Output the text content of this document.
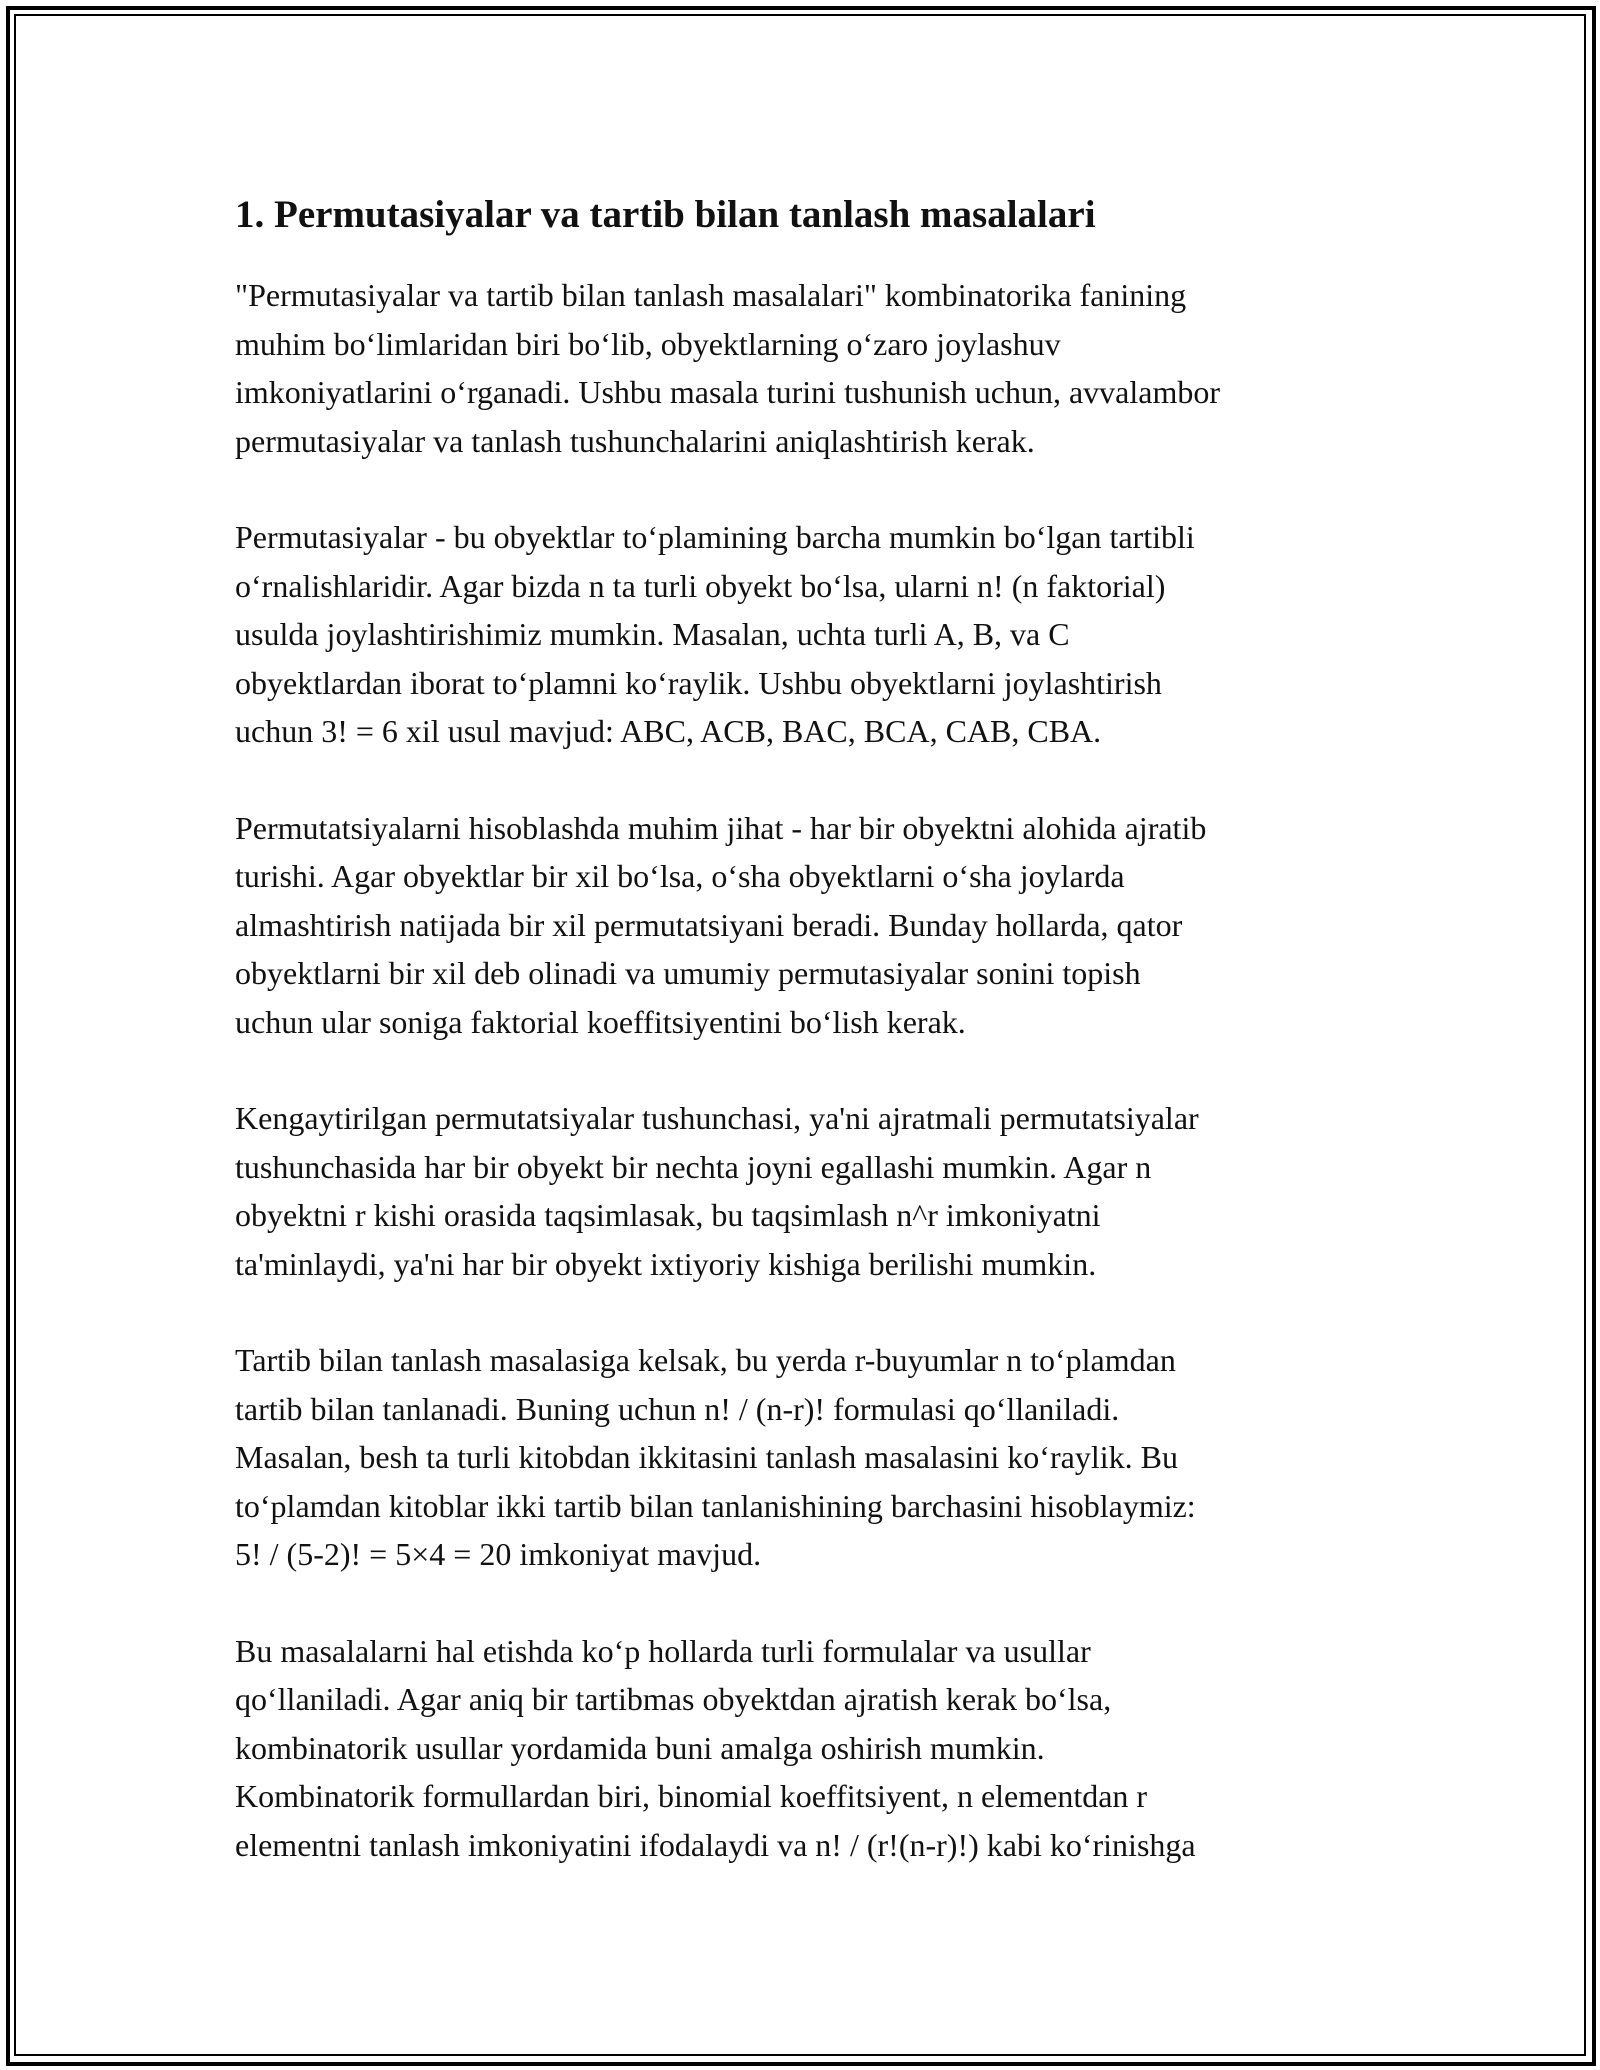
1. Permutasiyalar va tartib bilan tanlash masalalari

"Permutasiyalar va tartib bilan tanlash masalalari" kombinatorika fanining
muhim bo‘limlaridan biri bo‘lib, obyektlarning o‘zaro joylashuv
imkoniyatlarini o‘rganadi. Ushbu masala turini tushunish uchun, avvalambor
permutasiyalar va tanlash tushunchalarini aniqlashtirish kerak.

Permutasiyalar - bu obyektlar to‘plamining barcha mumkin bo‘lgan tartibli
o‘rnalishlaridir. Agar bizda n ta turli obyekt bo‘lsa, ularni n! (n faktorial)
usulda joylashtirishimiz mumkin. Masalan, uchta turli A, B, va C
obyektlardan iborat to‘plamni ko‘raylik. Ushbu obyektlarni joylashtirish
uchun 3! = 6 xil usul mavjud: ABC, ACB, BAC, BCA, CAB, CBA.

Permutatsiyalarni hisoblashda muhim jihat - har bir obyektni alohida ajratib
turishi. Agar obyektlar bir xil bo‘lsa, o‘sha obyektlarni o‘sha joylarda
almashtirish natijada bir xil permutatsiyani beradi. Bunday hollarda, qator
obyektlarni bir xil deb olinadi va umumiy permutasiyalar sonini topish
uchun ular soniga faktorial koeffitsiyentini bo‘lish kerak.

Kengaytirilgan permutatsiyalar tushunchasi, ya'ni ajratmali permutatsiyalar
tushunchasida har bir obyekt bir nechta joyni egallashi mumkin. Agar n
obyektni r kishi orasida taqsimlasak, bu taqsimlash n^r imkoniyatni
ta'minlaydi, ya'ni har bir obyekt ixtiyoriy kishiga berilishi mumkin.

Tartib bilan tanlash masalasiga kelsak, bu yerda r-buyumlar n to‘plamdan
tartib bilan tanlanadi. Buning uchun n! / (n-r)! formulasi qo‘llaniladi.
Masalan, besh ta turli kitobdan ikkitasini tanlash masalasini ko‘raylik. Bu
to‘plamdan kitoblar ikki tartib bilan tanlanishining barchasini hisoblaymiz:
5! / (5-2)! = 5×4 = 20 imkoniyat mavjud.

Bu masalalarni hal etishda ko‘p hollarda turli formulalar va usullar
qo‘llaniladi. Agar aniq bir tartibmas obyektdan ajratish kerak bo‘lsa,
kombinatorik usullar yordamida buni amalga oshirish mumkin.
Kombinatorik formullardan biri, binomial koeffitsiyent, n elementdan r
elementni tanlash imkoniyatini ifodalaydi va n! / (r!(n-r)!) kabi ko‘rinishga
